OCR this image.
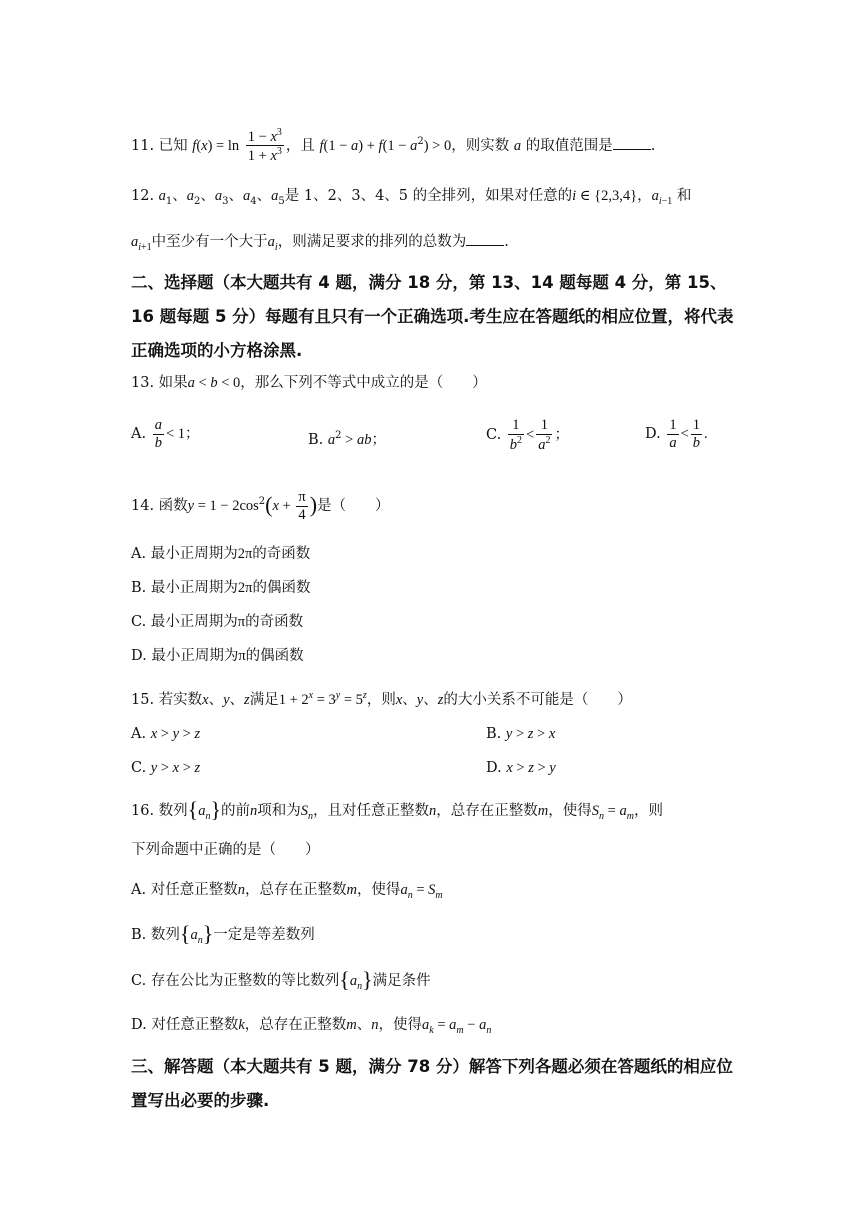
11. 已知 $f(x) = \ln \frac{1 - x^3}{1 + x^3}$ ，且 $f(1 - a) + f(1 - a^2) > 0$，则实数 a 的取值范围是	.
12. $a_1$、$a_2$、$a_3$、$a_4$、$a_5$是 1、2、3、4、5 的全排列，如果对任意的i ∈ {2,3,4}，$a_{i-1}$ 和
$a_{i+1}$中至少有一个大于$a_i$，则满足要求的排列的总数为	.
二、选择题（本大题共有 4 题，满分 18 分，第 13、14 题每题 4 分，第 15、16 题每题 5 分）每题有且只有一个正确选项.考生应在答题纸的相应位置，将代表正确选项的小方格涂黑.
13. 如果a < b < 0，那么下列不等式中成立的是（　　）
A. $\frac{a}{b} < 1$；	B. $a^2$ > ab；	C. $\frac{1}{b^2} < \frac{1}{a^2}$ ；	D. $\frac{1}{a} < \frac{1}{b}$ .
14. 函数$y = 1 - 2\cos^2(x + \frac{\pi}{4}$ )是（　　）
A. 最小正周期为2π的奇函数
B. 最小正周期为2π的偶函数
C. 最小正周期为π的奇函数
D. 最小正周期为π的偶函数
15. 若实数x、y、z满足$1 + 2^x = 3^y = 5^z$，则x、y、z的大小关系不可能是（　　）
A. x > y > z	B. y > z > x
C. y > x > z	D. x > z > y
16. 数列$\{a_n\}$的前n项和为$S_n$，且对任意正整数n，总存在正整数m，使得$S_n = a_m$，则
下列命题中正确的是（　　）
A. 对任意正整数n，总存在正整数m，使得$a_n = S_m$
B. 数列$\{a_n\}$一定是等差数列
C. 存在公比为正整数的等比数列$\{a_n\}$满足条件
D. 对任意正整数k，总存在正整数m、n，使得$a_k = a_m - a_n$
三、解答题（本大题共有 5 题，满分 78 分）解答下列各题必须在答题纸的相应位置写出必要的步骤.
